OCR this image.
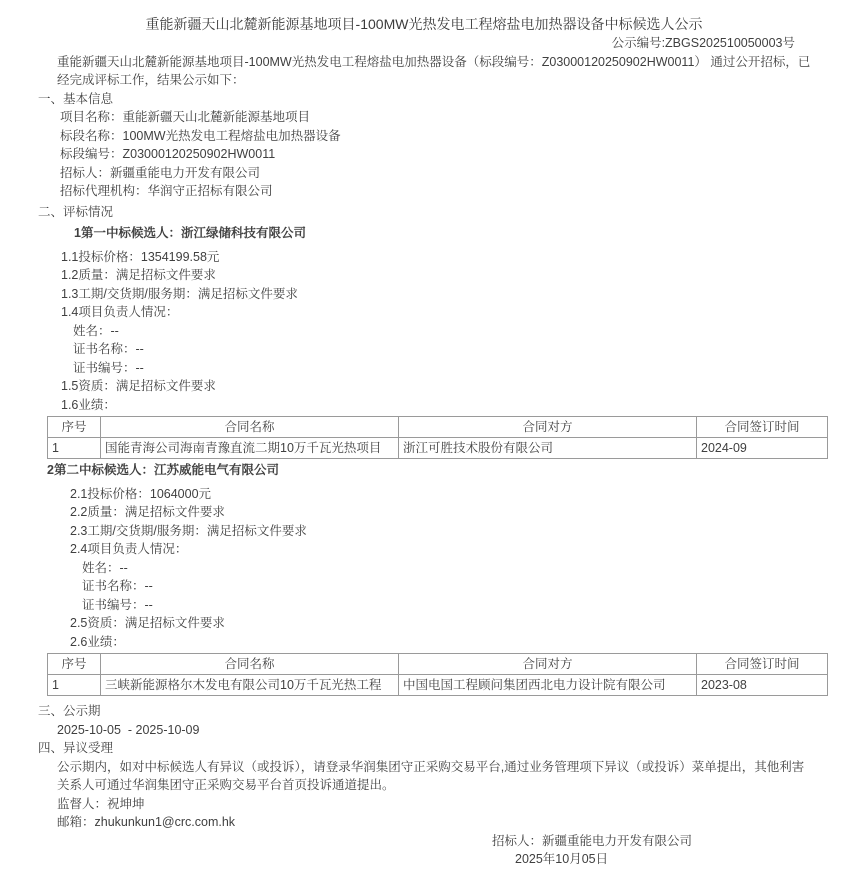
重能新疆天山北麓新能源基地项目-100MW光热发电工程熔盐电加热器设备中标候选人公示
公示编号:ZBGS202510050003号
重能新疆天山北麓新能源基地项目-100MW光热发电工程熔盐电加热器设备（标段编号：Z03000120250902HW0011） 通过公开招标，已经完成评标工作，结果公示如下：
一、基本信息
项目名称：重能新疆天山北麓新能源基地项目
标段名称：100MW光热发电工程熔盐电加热器设备
标段编号：Z03000120250902HW0011
招标人：新疆重能电力开发有限公司
招标代理机构：华润守正招标有限公司
二、评标情况
1第一中标候选人：浙江绿储科技有限公司
1.1投标价格：1354199.58元
1.2质量：满足招标文件要求
1.3工期/交货期/服务期：满足招标文件要求
1.4项目负责人情况：
姓名：--
证书名称：--
证书编号：--
1.5资质：满足招标文件要求
1.6业绩：
序号	合同名称	合同对方	合同签订时间
1	国能青海公司海南青豫直流二期10万千瓦光热项目	浙江可胜技术股份有限公司	2024-09
2第二中标候选人：江苏威能电气有限公司
2.1投标价格：1064000元
2.2质量：满足招标文件要求
2.3工期/交货期/服务期：满足招标文件要求
2.4项目负责人情况：
姓名：--
证书名称：--
证书编号：--
2.5资质：满足招标文件要求
2.6业绩：
序号	合同名称	合同对方	合同签订时间
1	三峡新能源格尔木发电有限公司10万千瓦光热工程	中国电国工程顾问集团西北电力设计院有限公司	2023-08
三、公示期
2025-10-05  - 2025-10-09
四、异议受理
公示期内，如对中标候选人有异议（或投诉），请登录华润集团守正采购交易平台,通过业务管理项下异议（或投诉）菜单提出，其他利害关系人可通过华润集团守正采购交易平台首页投诉通道提出。
监督人：祝坤坤
邮箱：zhukunkun1@crc.com.hk
招标人：新疆重能电力开发有限公司
2025年10月05日
